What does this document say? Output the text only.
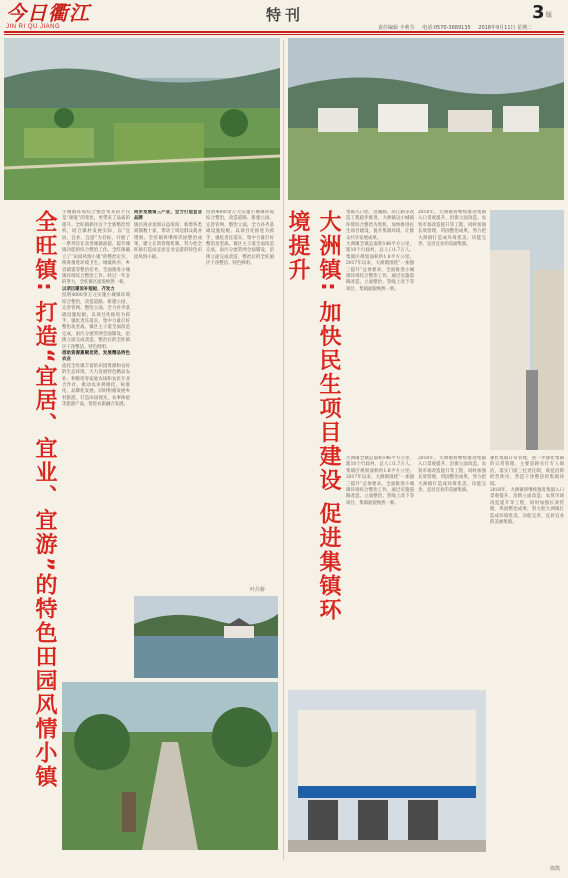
今日衢江
JIN RI QU JIANG
特刊	3 版
责任编辑 丰莉芬 电话:0570-3689135 2018年9月11日 星期二
全旺镇: 打造“宜居、宜业、宜游”的特色田园风情小镇
小城镇环境综合整治带来的不仅是“颜值”的变化，更带来了品质的提升。全旺镇抓住这个全新整治契机，结合镇村发展实际，以“宜居、宜业、宜游”为目标，开展了一系列旨在改善城镇面貌、提升城镇功能的综合整治工作。全旺镇确立了“田园风情小镇”的整治定位，统筹推进环境卫生、城镇秩序、乡容镇貌等整治任务，全面推进小城镇环境综合整治工作。经过一年多的努力，全旺镇区面貌焕然一新。
以项目建设补短板、齐发力
投资4000余万元实施小城镇环境综合整治，改造道路、新建公园、完善管网、整治立面，全力补齐基础设施短板。以项目化推进为抓手，强化责任落实，集中力量打好整治攻坚战。镇区主干道全面改造完成，雨污分流管网全面铺设，沿街立面完成改造，整治后的全旺镇区干净整洁、特色鲜明。
借助资源禀赋优势，发展精品特色农业
依托全旺镇丰富的田园资源和良好的生态环境，大力发展特色精品农业，积极培育家庭农场和农民专业合作社，推动农业规模化、标准化、品牌化发展。同时积极发展乡村旅游，打造田园观光、农事体验等旅游产品，促进农旅融合发展。
同步发展第三产业，全力打造宜业品牌
镇区商业氛围日益浓厚，新增各类商铺数十家，带动了周边群众就业增收。全旺镇将继续巩固整治成果，建立长效管理机制，努力把全旺镇打造成宜居宜业宜游的特色田园风情小镇。
投资4000余万元实施小城镇环境综合整治，改造道路、新建公园、完善管网、整治立面，全力补齐基础设施短板。以项目化推进为抓手，强化责任落实，集中力量打好整治攻坚战。镇区主干道全面改造完成，雨污分流管网全面铺设，沿街立面完成改造，整治后的全旺镇区干净整洁、特色鲜明。
叶吕桥
大洲镇: 加快民生项目建设 促进集镇环境提升	集镇入口处、沿溪路、滨江路等改造工程稳步推进。大洲镇以小城镇环境综合整治为契机，加快推进民生项目建设，提升集镇环境，让群众共享发展成果。
大洲镇全镇总面积146平方公里，辖10个行政村，总人口1.7万人。集镇区规划面积约1.8平方公里。2017年以来，大洲镇围绕“一加强三提升”总体要求，全面推进小城镇环境综合整治工作，通过实施道路改造、立面整治、管线上改下等项目，集镇面貌焕然一新。
2018年，大洲镇将继续推进集镇入口景观提升、沿街立面改造、农贸市场改造提升等工程，同时加强长效管理，巩固整治成果，努力把大洲镇打造成环境优美、功能完善、宜居宜业的美丽集镇。
大洲镇全镇总面积146平方公里，辖10个行政村，总人口1.7万人。集镇区规划面积约1.8平方公里。2017年以来，大洲镇围绕“一加强三提升”总体要求，全面推进小城镇环境综合整治工作，通过实施道路改造、立面整治、管线上改下等项目，集镇面貌焕然一新。
2018年，大洲镇将继续推进集镇入口景观提升、沿街立面改造、农贸市场改造提升等工程，同时加强长效管理，巩固整治成果，努力把大洲镇打造成环境优美、功能完善、宜居宜业的美丽集镇。
强化集镇日常管理，进一步强化集镇的日常管理，主要道路实行专人保洁，落实门前三包责任制，规范沿街经营秩序，营造干净整洁的集镇环境。
2018年，大洲镇将继续推进集镇入口景观提升、沿街立面改造、农贸市场改造提升等工程，同时加强长效管理，巩固整治成果，努力把大洲镇打造成环境优美、功能完善、宜居宜业的美丽集镇。
徐凯
